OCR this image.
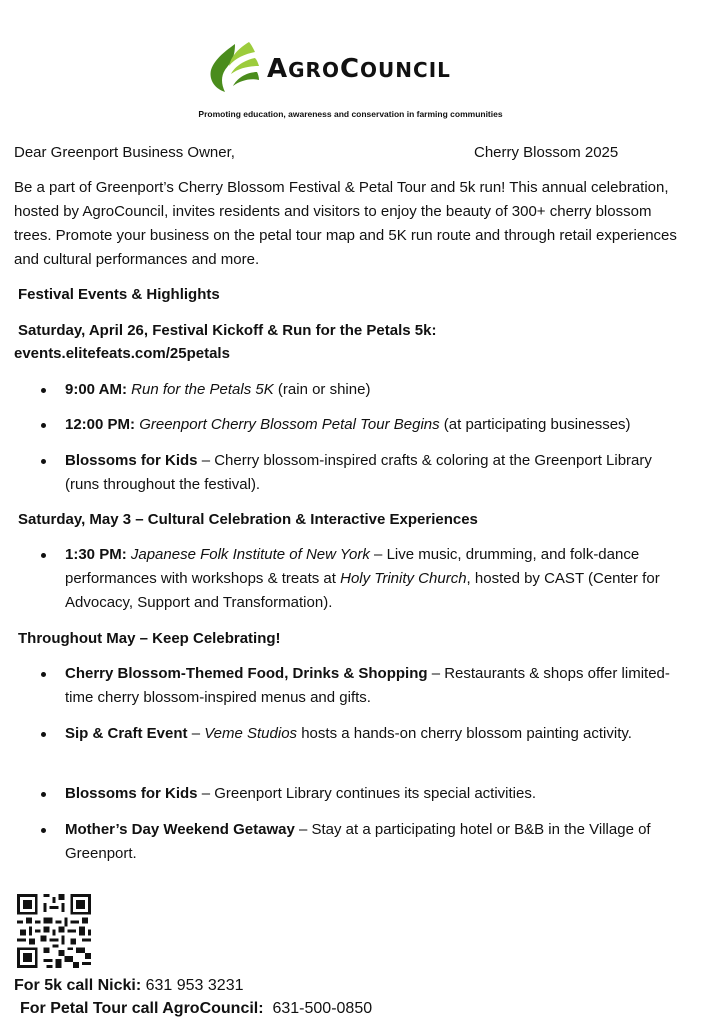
AGROCOUNCIL
Promoting education, awareness and conservation in farming communities
Dear Greenport Business Owner,	Cherry Blossom 2025
Be a part of Greenport’s Cherry Blossom Festival & Petal Tour and 5k run! This annual celebration, hosted by AgroCouncil, invites residents and visitors to enjoy the beauty of 300+ cherry blossom trees. Promote your business on the petal tour map and 5K run route and through retail experiences and cultural performances and more.
Festival Events & Highlights
Saturday, April 26, Festival Kickoff & Run for the Petals 5k:
events.elitefeats.com/25petals
9:00 AM: Run for the Petals 5K (rain or shine)
12:00 PM: Greenport Cherry Blossom Petal Tour Begins (at participating businesses)
Blossoms for Kids – Cherry blossom-inspired crafts & coloring at the Greenport Library (runs throughout the festival).
Saturday, May 3 – Cultural Celebration & Interactive Experiences
1:30 PM: Japanese Folk Institute of New York – Live music, drumming, and folk-dance performances with workshops & treats at Holy Trinity Church, hosted by CAST (Center for Advocacy, Support and Transformation).
Throughout May – Keep Celebrating!
Cherry Blossom-Themed Food, Drinks & Shopping – Restaurants & shops offer limited-time cherry blossom-inspired menus and gifts.
Sip & Craft Event – Veme Studios hosts a hands-on cherry blossom painting activity.
Blossoms for Kids – Greenport Library continues its special activities.
Mother’s Day Weekend Getaway – Stay at a participating hotel or B&B in the Village of Greenport.
For 5k call Nicki: 631 953 3231
For Petal Tour call AgroCouncil:  631-500-0850
